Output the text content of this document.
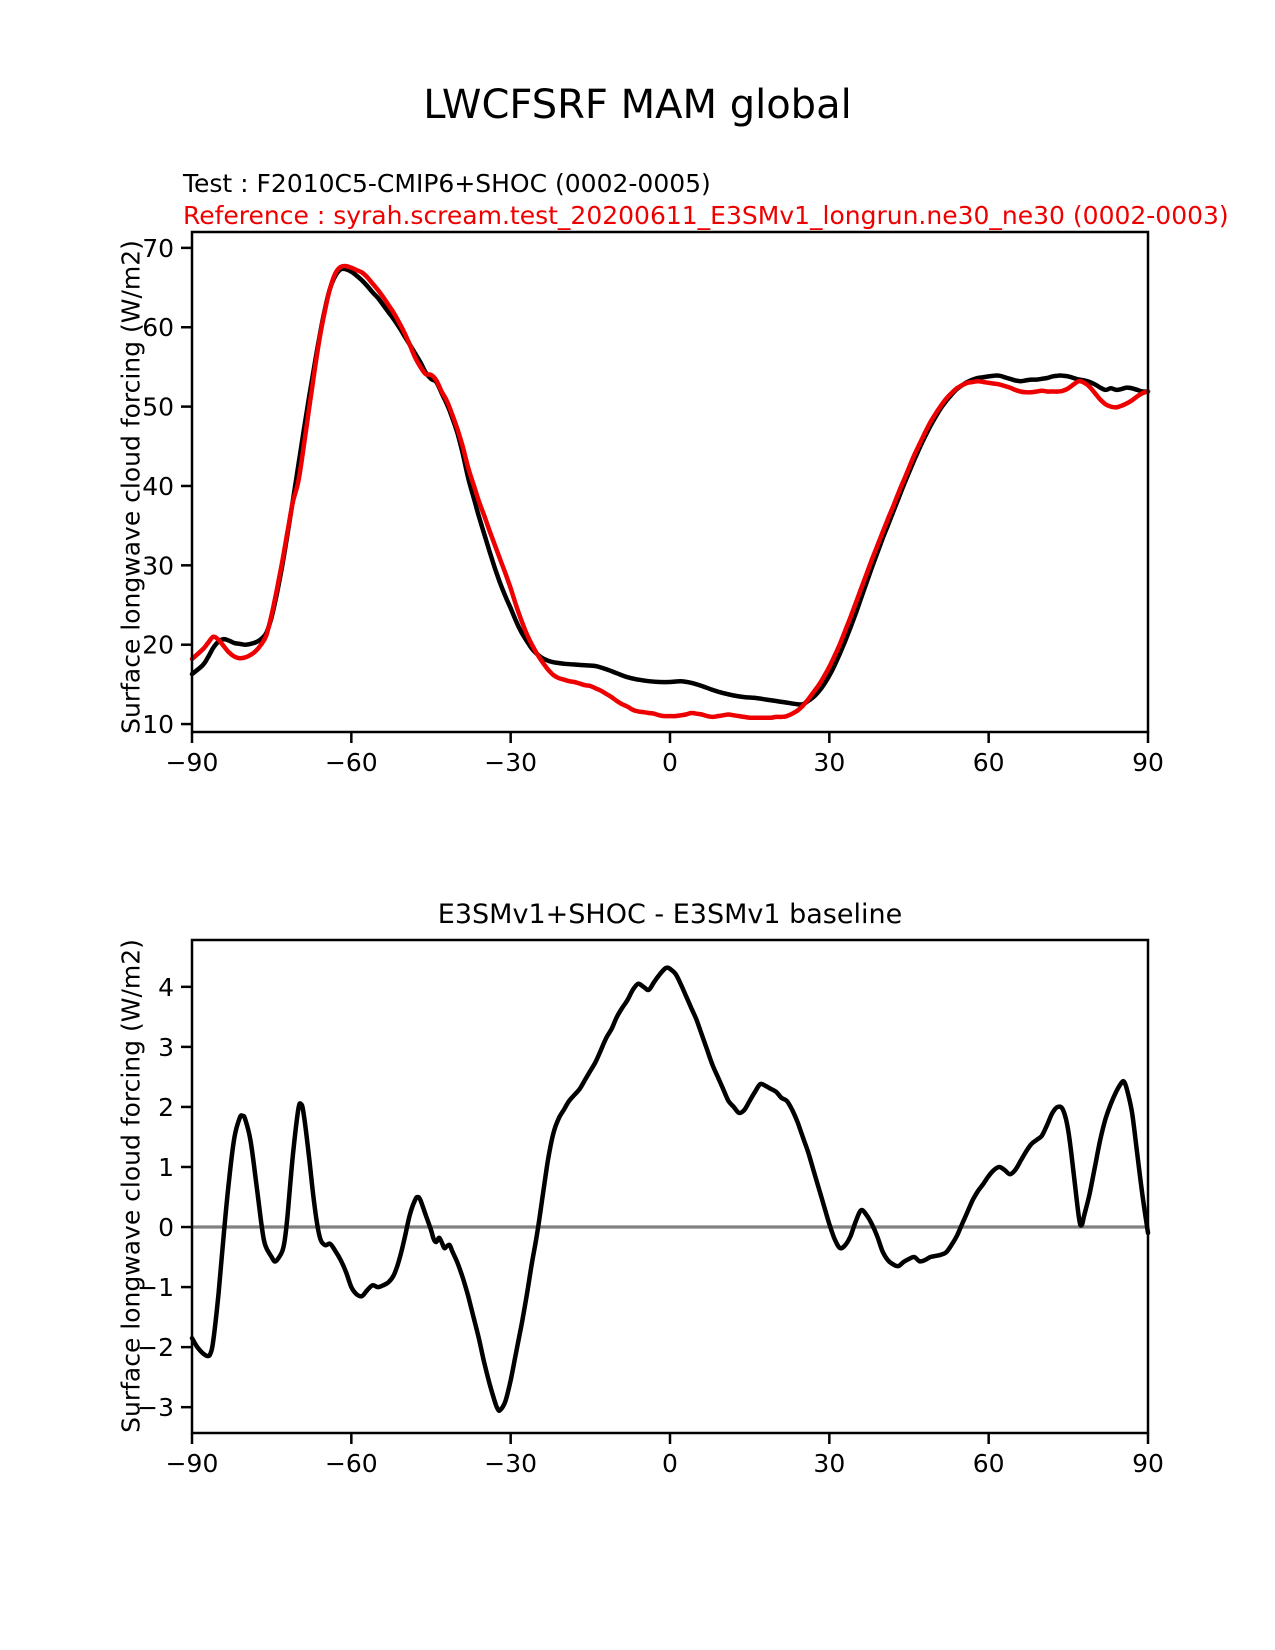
LWCFSRF MAM global
Test : F2010C5-CMIP6+SHOC (0002-0005)
Reference : syrah.scream.test_20200611_E3SMv1_longrun.ne30_ne30 (0002-0003)
Surface longwave cloud forcing (W/m2)
E3SMv1+SHOC - E3SMv1 baseline
Surface longwave cloud forcing (W/m2)
−90	−60	−30	0	30	60	90
10
20
30
40
50
60
70
−90	−60	−30	0	30	60	90
−3
−2
−1
0
1
2
3
4
